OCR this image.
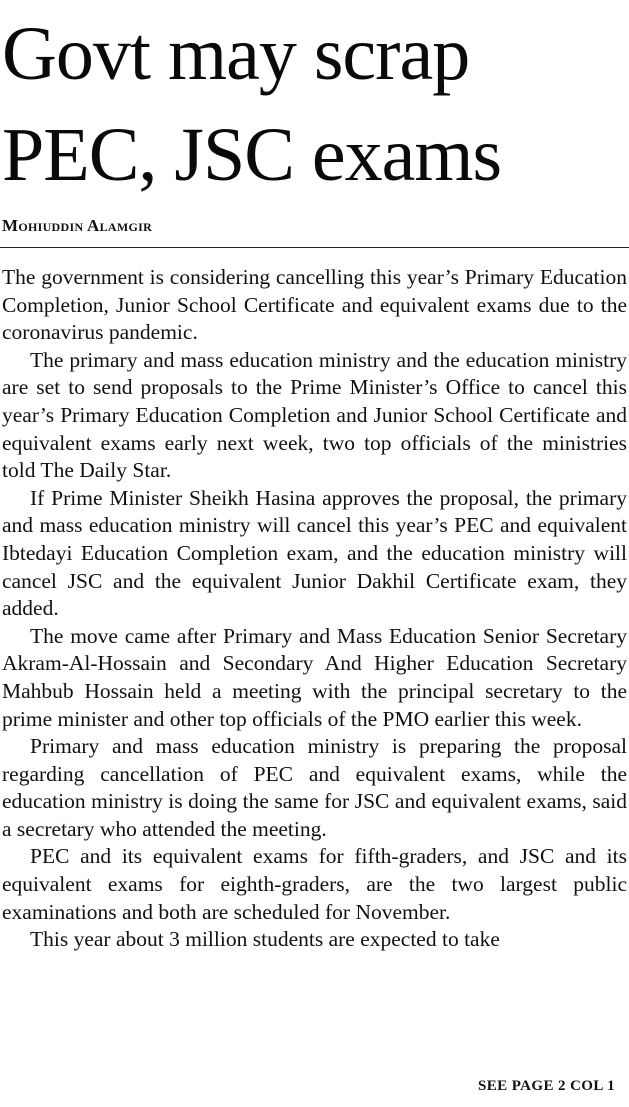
Govt may scrap
PEC, JSC exams
Mohiuddin Alamgir

The government is considering cancelling this year’s Primary Education Completion, Junior School Certificate and equivalent exams due to the coronavirus pandemic.

The primary and mass education ministry and the education ministry are set to send proposals to the Prime Minister’s Office to cancel this year’s Primary Education Completion and Junior School Certificate and equivalent exams early next week, two top officials of the ministries told The Daily Star.

If Prime Minister Sheikh Hasina approves the proposal, the primary and mass education ministry will cancel this year’s PEC and equivalent Ibtedayi Education Completion exam, and the education ministry will cancel JSC and the equivalent Junior Dakhil Certificate exam, they added.

The move came after Primary and Mass Education Senior Secretary Akram-Al-Hossain and Secondary And Higher Education Secretary Mahbub Hossain held a meeting with the principal secretary to the prime minister and other top officials of the PMO earlier this week.

Primary and mass education ministry is preparing the proposal regarding cancellation of PEC and equivalent exams, while the education ministry is doing the same for JSC and equivalent exams, said a secretary who attended the meeting.

PEC and its equivalent exams for fifth-graders, and JSC and its equivalent exams for eighth-graders, are the two largest public examinations and both are scheduled for November.

This year about 3 million students are expected to take

SEE PAGE 2 COL 1
